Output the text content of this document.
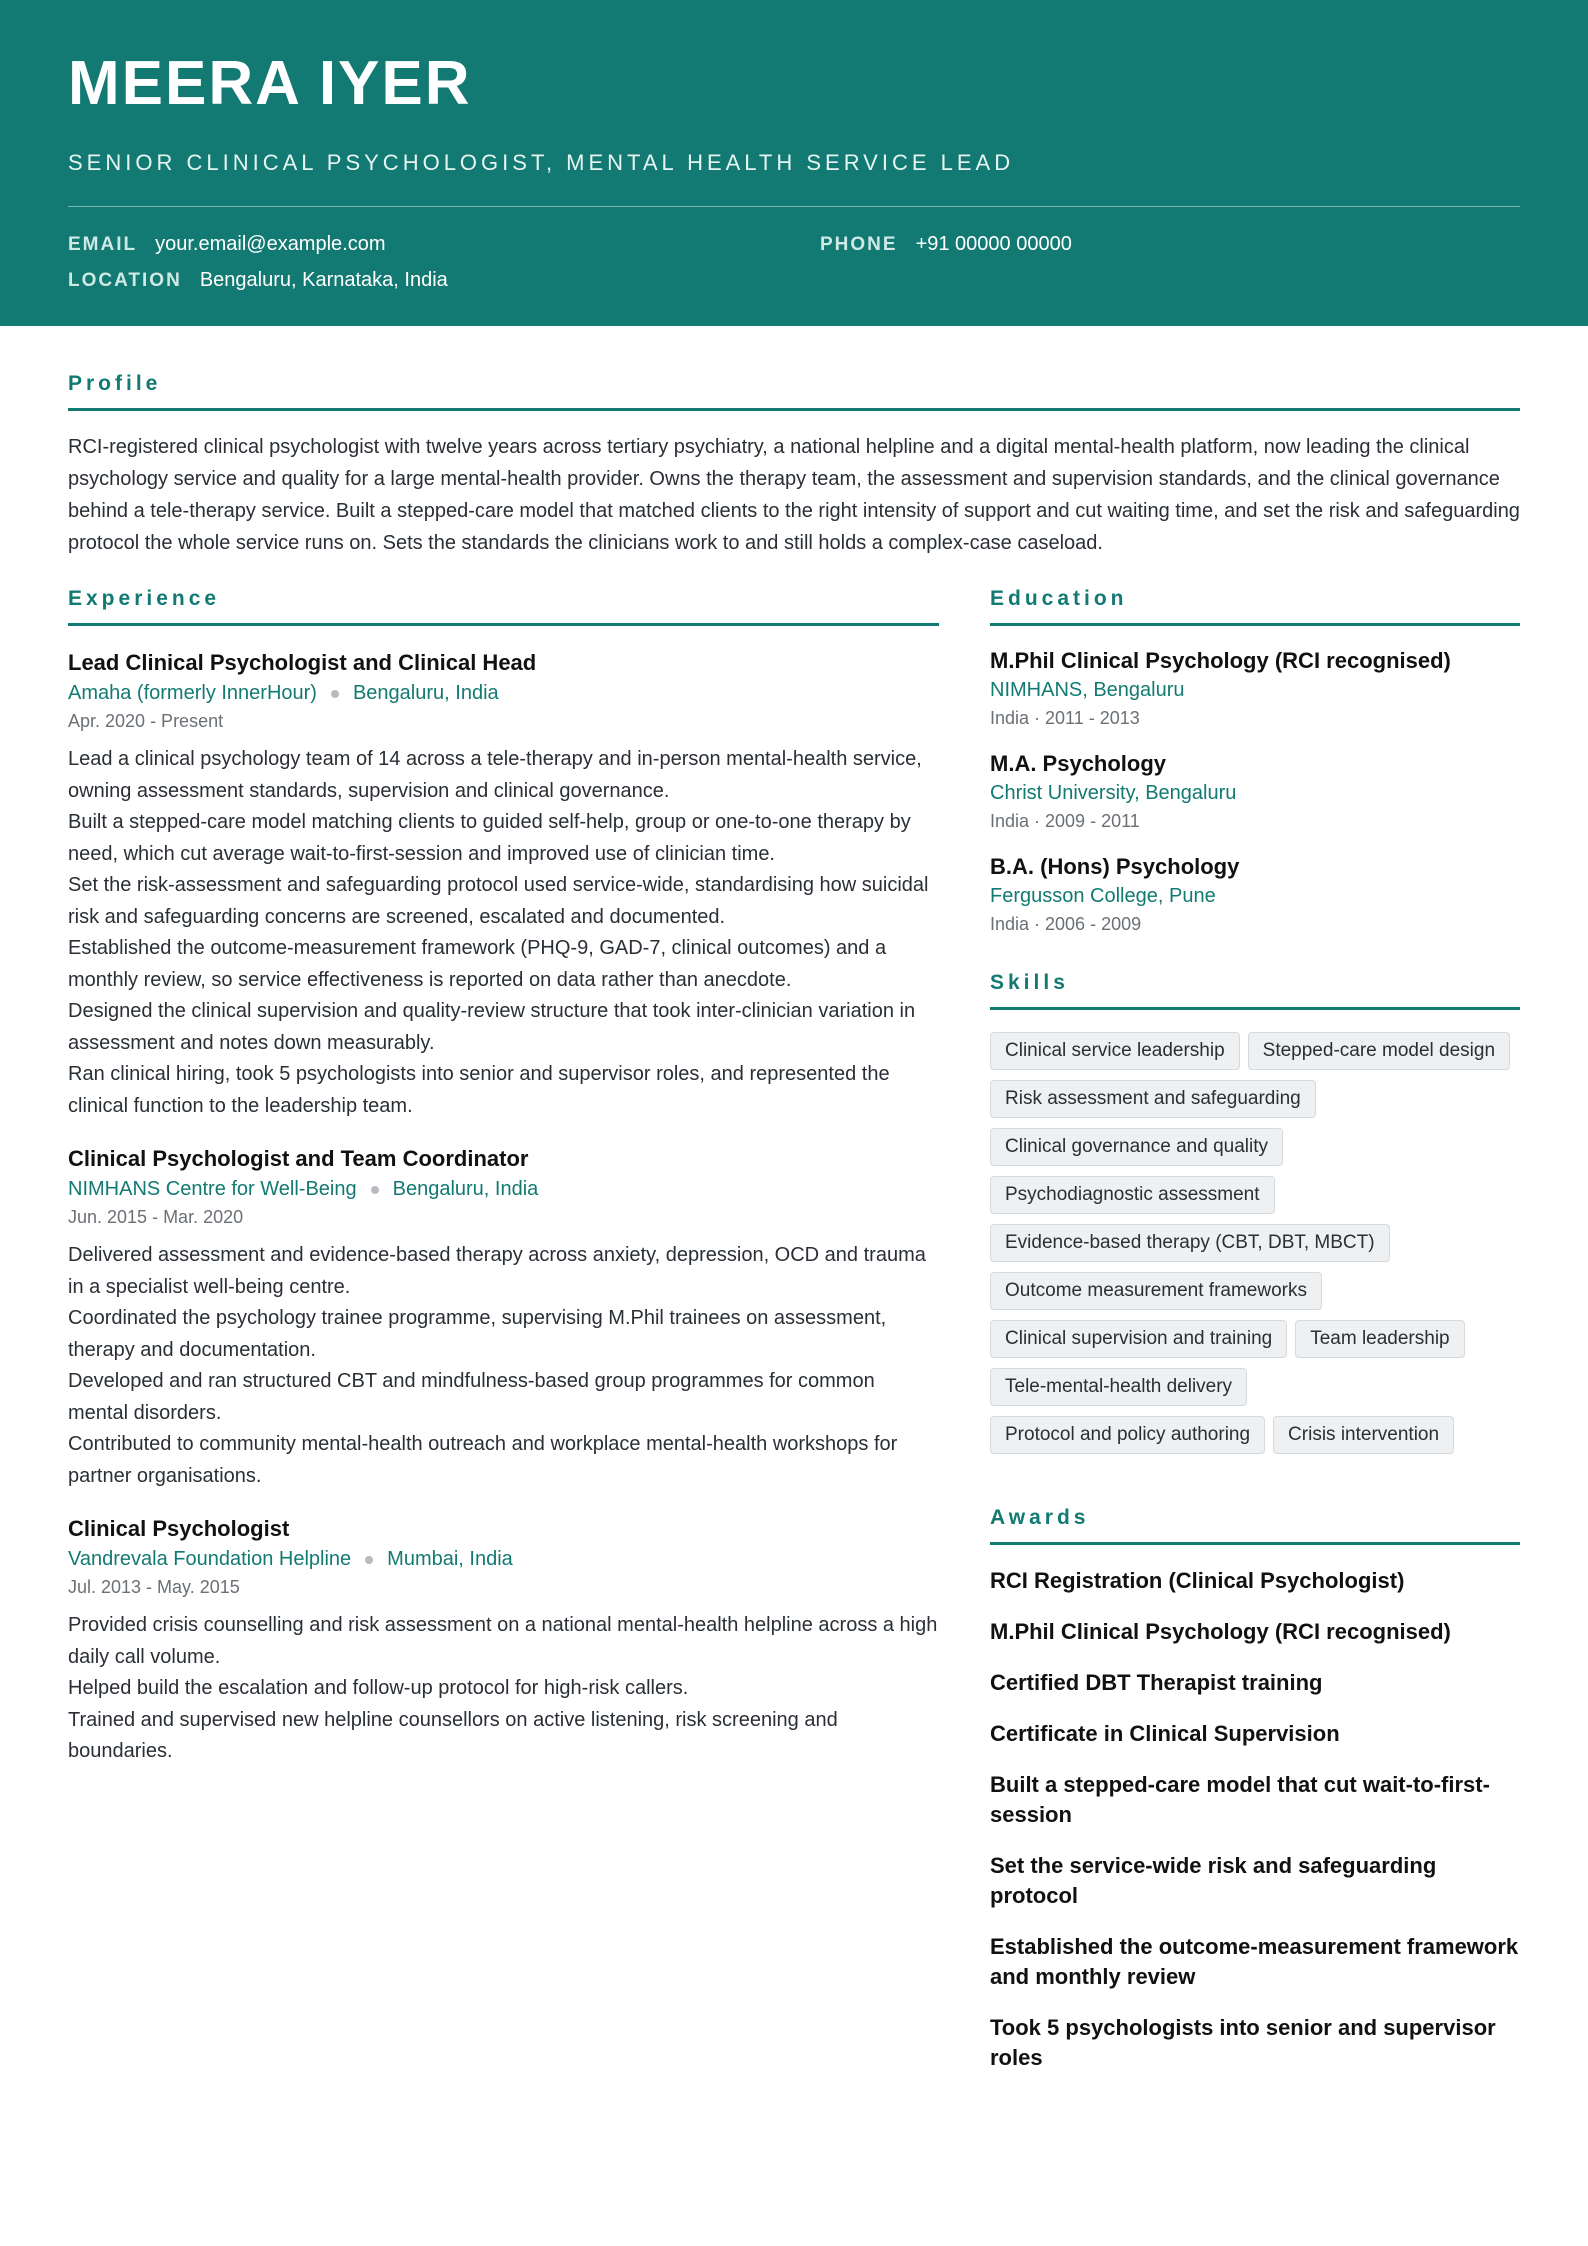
MEERA IYER
SENIOR CLINICAL PSYCHOLOGIST, MENTAL HEALTH SERVICE LEAD
EMAIL your.email@example.com	PHONE +91 00000 00000
LOCATION Bengaluru, Karnataka, India
Profile
RCI-registered clinical psychologist with twelve years across tertiary psychiatry, a national helpline and a digital mental-health platform, now leading the clinical psychology service and quality for a large mental-health provider. Owns the therapy team, the assessment and supervision standards, and the clinical governance behind a tele-therapy service. Built a stepped-care model that matched clients to the right intensity of support and cut waiting time, and set the risk and safeguarding protocol the whole service runs on. Sets the standards the clinicians work to and still holds a complex-case caseload.
Experience
Lead Clinical Psychologist and Clinical Head
Amaha (formerly InnerHour) Bengaluru, India
Apr. 2020 - Present
Lead a clinical psychology team of 14 across a tele-therapy and in-person mental-health service, owning assessment standards, supervision and clinical governance.
Built a stepped-care model matching clients to guided self-help, group or one-to-one therapy by need, which cut average wait-to-first-session and improved use of clinician time.
Set the risk-assessment and safeguarding protocol used service-wide, standardising how suicidal risk and safeguarding concerns are screened, escalated and documented.
Established the outcome-measurement framework (PHQ-9, GAD-7, clinical outcomes) and a monthly review, so service effectiveness is reported on data rather than anecdote.
Designed the clinical supervision and quality-review structure that took inter-clinician variation in assessment and notes down measurably.
Ran clinical hiring, took 5 psychologists into senior and supervisor roles, and represented the clinical function to the leadership team.
Clinical Psychologist and Team Coordinator
NIMHANS Centre for Well-Being Bengaluru, India
Jun. 2015 - Mar. 2020
Delivered assessment and evidence-based therapy across anxiety, depression, OCD and trauma in a specialist well-being centre.
Coordinated the psychology trainee programme, supervising M.Phil trainees on assessment, therapy and documentation.
Developed and ran structured CBT and mindfulness-based group programmes for common mental disorders.
Contributed to community mental-health outreach and workplace mental-health workshops for partner organisations.
Clinical Psychologist
Vandrevala Foundation Helpline Mumbai, India
Jul. 2013 - May. 2015
Provided crisis counselling and risk assessment on a national mental-health helpline across a high daily call volume.
Helped build the escalation and follow-up protocol for high-risk callers.
Trained and supervised new helpline counsellors on active listening, risk screening and boundaries.
Education
M.Phil Clinical Psychology (RCI recognised)
NIMHANS, Bengaluru
India · 2011 - 2013
M.A. Psychology
Christ University, Bengaluru
India · 2009 - 2011
B.A. (Hons) Psychology
Fergusson College, Pune
India · 2006 - 2009
Skills
Clinical service leadership	Stepped-care model design
Risk assessment and safeguarding
Clinical governance and quality
Psychodiagnostic assessment
Evidence-based therapy (CBT, DBT, MBCT)
Outcome measurement frameworks
Clinical supervision and training	Team leadership
Tele-mental-health delivery
Protocol and policy authoring	Crisis intervention
Awards
RCI Registration (Clinical Psychologist)
M.Phil Clinical Psychology (RCI recognised)
Certified DBT Therapist training
Certificate in Clinical Supervision
Built a stepped-care model that cut wait-to-first-session
Set the service-wide risk and safeguarding protocol
Established the outcome-measurement framework and monthly review
Took 5 psychologists into senior and supervisor roles
